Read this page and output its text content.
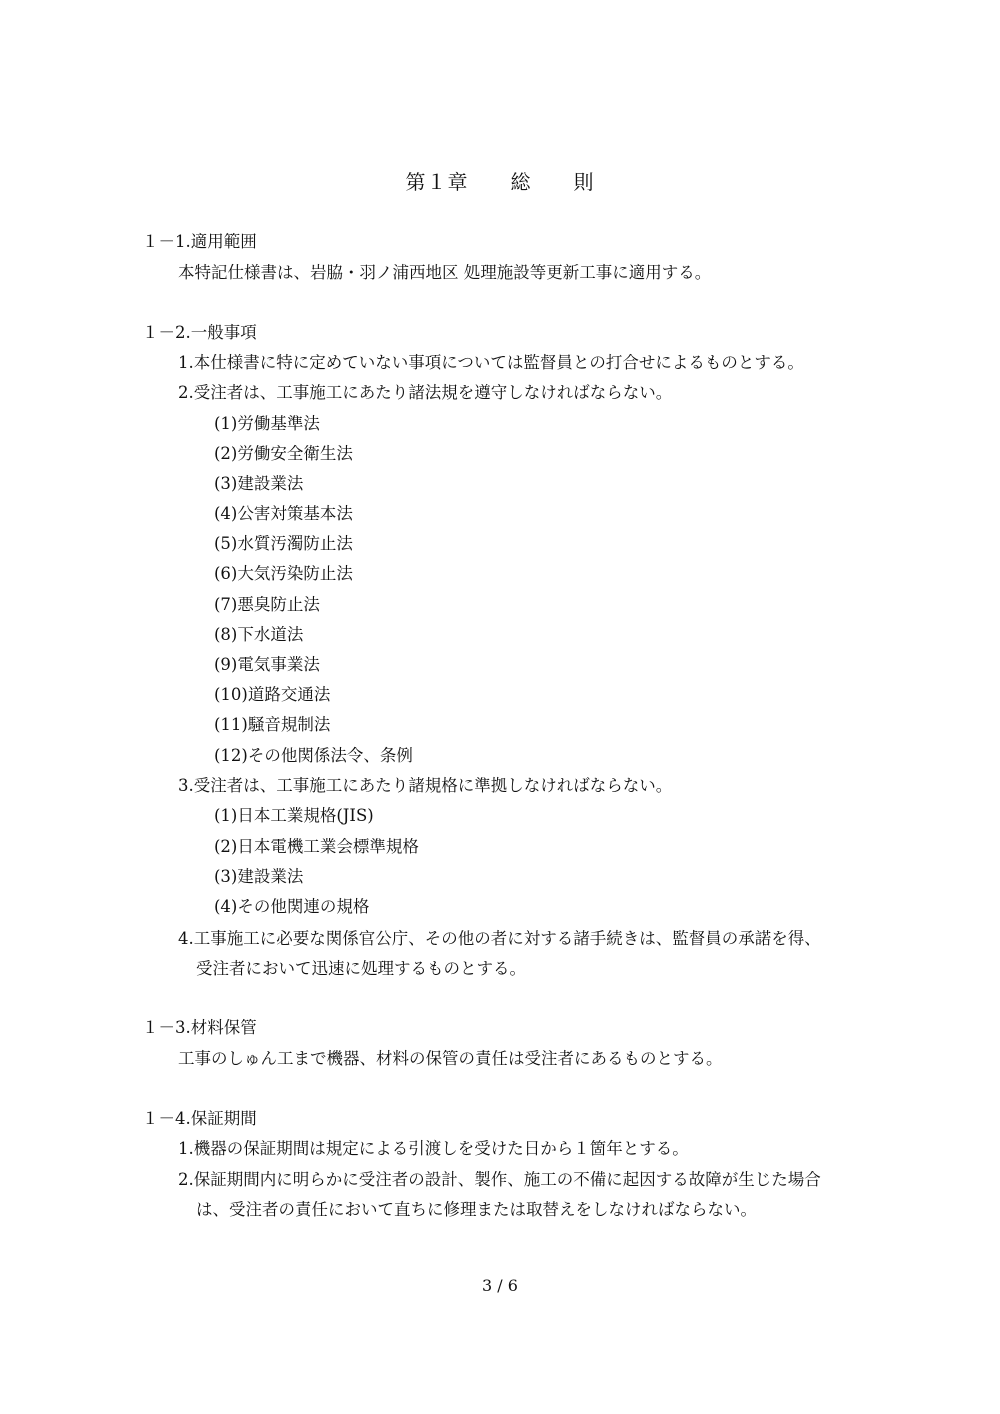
第１章　　総　　則
１－1.適用範囲
本特記仕様書は、岩脇・羽ノ浦西地区 処理施設等更新工事に適用する。
１－2.一般事項
1.本仕様書に特に定めていない事項については監督員との打合せによるものとする。
2.受注者は、工事施工にあたり諸法規を遵守しなければならない。
(1)労働基準法
(2)労働安全衛生法
(3)建設業法
(4)公害対策基本法
(5)水質汚濁防止法
(6)大気汚染防止法
(7)悪臭防止法
(8)下水道法
(9)電気事業法
(10)道路交通法
(11)騒音規制法
(12)その他関係法令、条例
3.受注者は、工事施工にあたり諸規格に準拠しなければならない。
(1)日本工業規格(JIS)
(2)日本電機工業会標準規格
(3)建設業法
(4)その他関連の規格
4.工事施工に必要な関係官公庁、その他の者に対する諸手続きは、監督員の承諾を得、
受注者において迅速に処理するものとする。
１－3.材料保管
工事のしゅん工まで機器、材料の保管の責任は受注者にあるものとする。
１－4.保証期間
1.機器の保証期間は規定による引渡しを受けた日から１箇年とする。
2.保証期間内に明らかに受注者の設計、製作、施工の不備に起因する故障が生じた場合
は、受注者の責任において直ちに修理または取替えをしなければならない。
3 / 6
